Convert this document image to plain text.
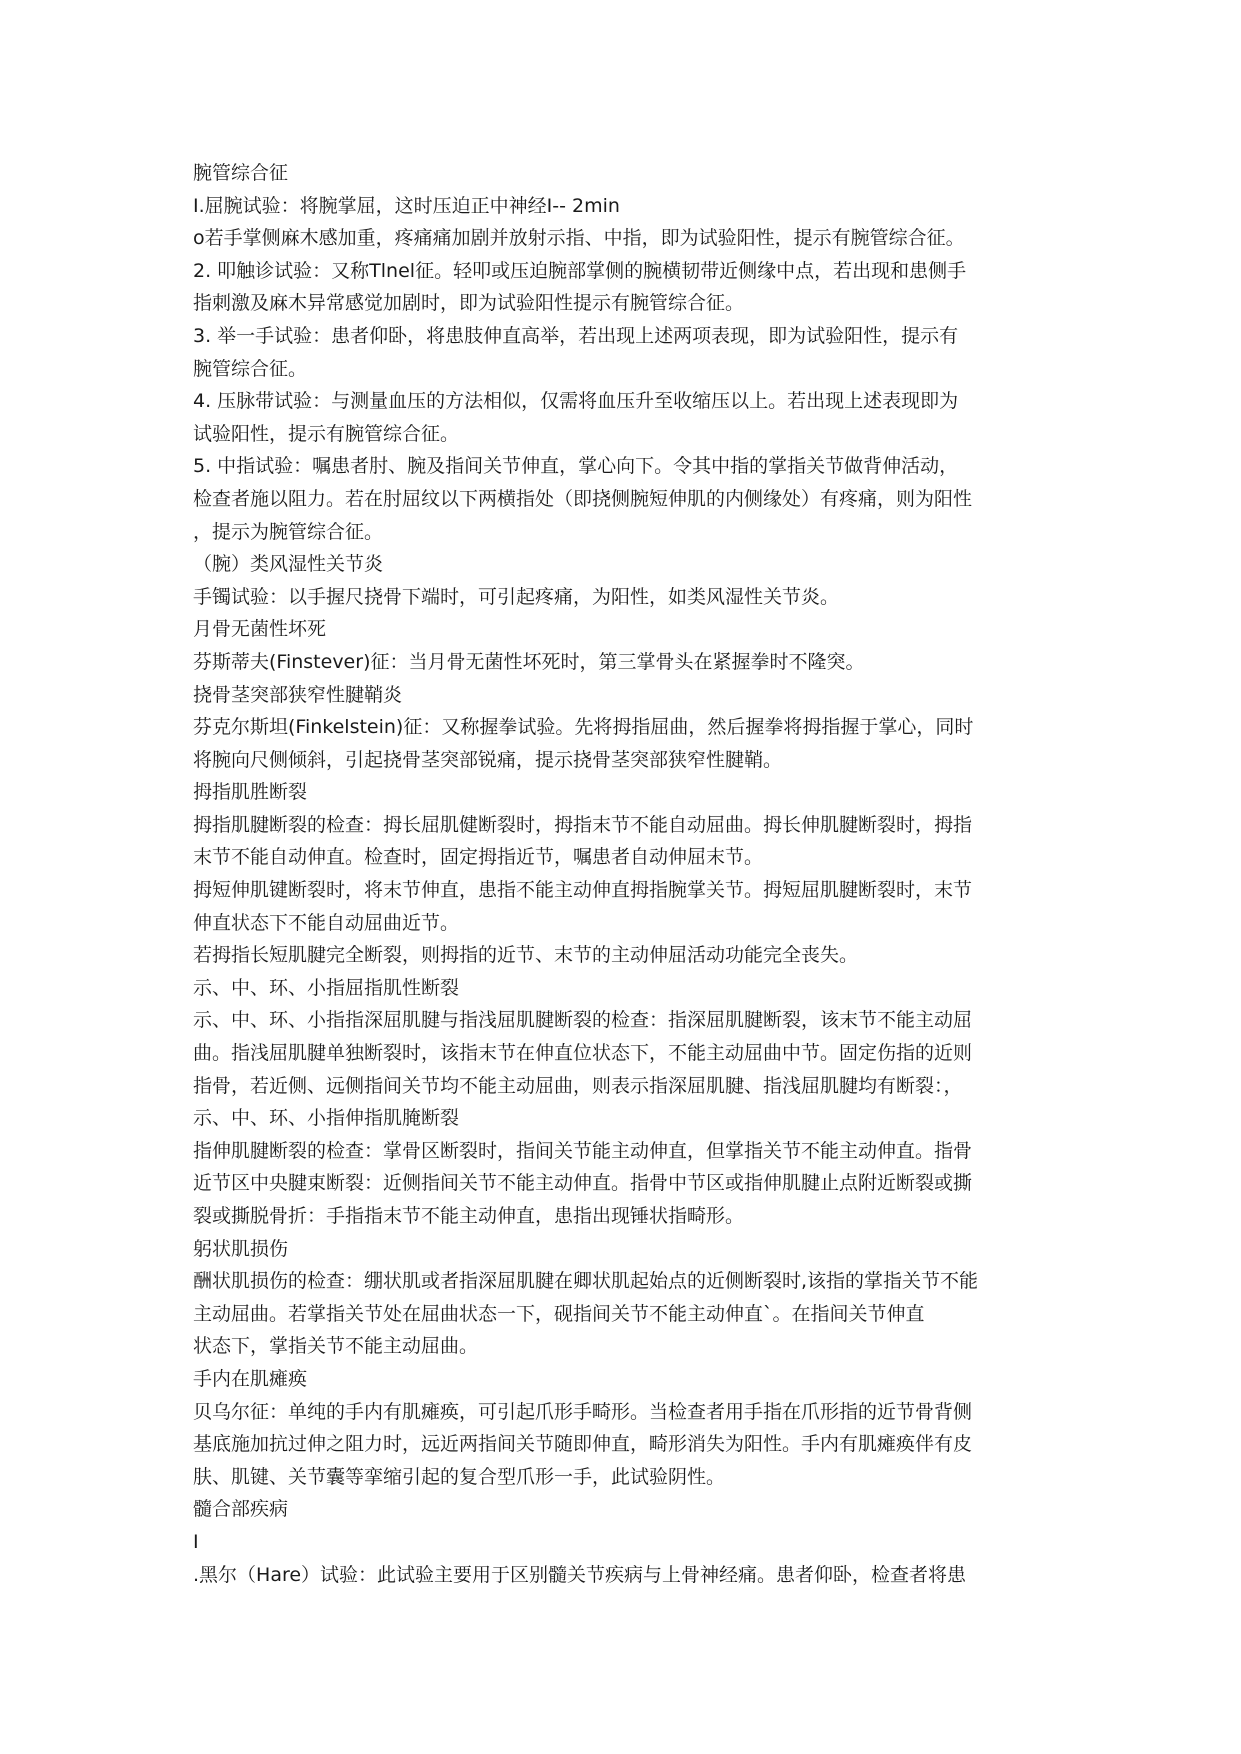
腕管综合征
I.屈腕试验：将腕掌屈，这时压迫正中神经I-- 2min
o若手掌侧麻木感加重，疼痛痛加剧并放射示指、中指，即为试验阳性，提示有腕管综合征。
2. 叩触诊试验：又称Tlnel征。轻叩或压迫腕部掌侧的腕横韧带近侧缘中点，若出现和患侧手
指刺激及麻木异常感觉加剧时，即为试验阳性提示有腕管综合征。
3. 举一手试验：患者仰卧，将患肢伸直高举，若出现上述两项表现，即为试验阳性，提示有
腕管综合征。
4. 压脉带试验：与测量血压的方法相似，仅需将血压升至收缩压以上。若出现上述表现即为
试验阳性，提示有腕管综合征。
5. 中指试验：嘱患者肘、腕及指间关节伸直，掌心向下。令其中指的掌指关节做背伸活动，
检查者施以阻力。若在肘屈纹以下两横指处（即挠侧腕短伸肌的内侧缘处）有疼痛，则为阳性
，提示为腕管综合征。
（腕）类风湿性关节炎
手镯试验：以手握尺挠骨下端时，可引起疼痛，为阳性，如类风湿性关节炎。
月骨无菌性坏死
芬斯蒂夫(Finstever)征：当月骨无菌性坏死时，第三掌骨头在紧握拳时不隆突。
挠骨茎突部狭窄性腱鞘炎
芬克尔斯坦(Finkelstein)征：又称握拳试验。先将拇指屈曲，然后握拳将拇指握于掌心，同时
将腕向尺侧倾斜，引起挠骨茎突部锐痛，提示挠骨茎突部狭窄性腱鞘。
拇指肌胜断裂
拇指肌腱断裂的检查：拇长屈肌健断裂时，拇指末节不能自动屈曲。拇长伸肌腱断裂时，拇指
末节不能自动伸直。检查时，固定拇指近节，嘱患者自动伸屈末节。
拇短伸肌键断裂时，将末节伸直，患指不能主动伸直拇指腕掌关节。拇短屈肌腱断裂时，末节
伸直状态下不能自动屈曲近节。
若拇指长短肌腱完全断裂，则拇指的近节、末节的主动伸屈活动功能完全丧失。
示、中、环、小指屈指肌性断裂
示、中、环、小指指深屈肌腱与指浅屈肌腱断裂的检查：指深屈肌腱断裂，该末节不能主动屈
曲。指浅屈肌腱单独断裂时，该指末节在伸直位状态下，不能主动屈曲中节。固定伤指的近则
指骨，若近侧、远侧指间关节均不能主动屈曲，则表示指深屈肌腱、指浅屈肌腱均有断裂：，
示、中、环、小指伸指肌腌断裂
指伸肌腱断裂的检查：掌骨区断裂时，指间关节能主动伸直，但掌指关节不能主动伸直。指骨
近节区中央腱束断裂：近侧指间关节不能主动伸直。指骨中节区或指伸肌腱止点附近断裂或撕
裂或撕脱骨折：手指指末节不能主动伸直，患指出现锤状指畸形。
躬状肌损伤
酬状肌损伤的检查：绷状肌或者指深屈肌腱在卿状肌起始点的近侧断裂时,该指的掌指关节不能
主动屈曲。若掌指关节处在屈曲状态一下，砚指间关节不能主动伸直`。在指间关节伸直
状态下，掌指关节不能主动屈曲。
手内在肌瘫痪
贝乌尔征：单纯的手内有肌瘫痪，可引起爪形手畸形。当检查者用手指在爪形指的近节骨背侧
基底施加抗过伸之阻力时，远近两指间关节随即伸直，畸形消失为阳性。手内有肌瘫痪伴有皮
肤、肌键、关节囊等挛缩引起的复合型爪形一手，此试验阴性。
髓合部疾病
I
.黑尔（Hare）试验：此试验主要用于区别髓关节疾病与上骨神经痛。患者仰卧，检查者将患
